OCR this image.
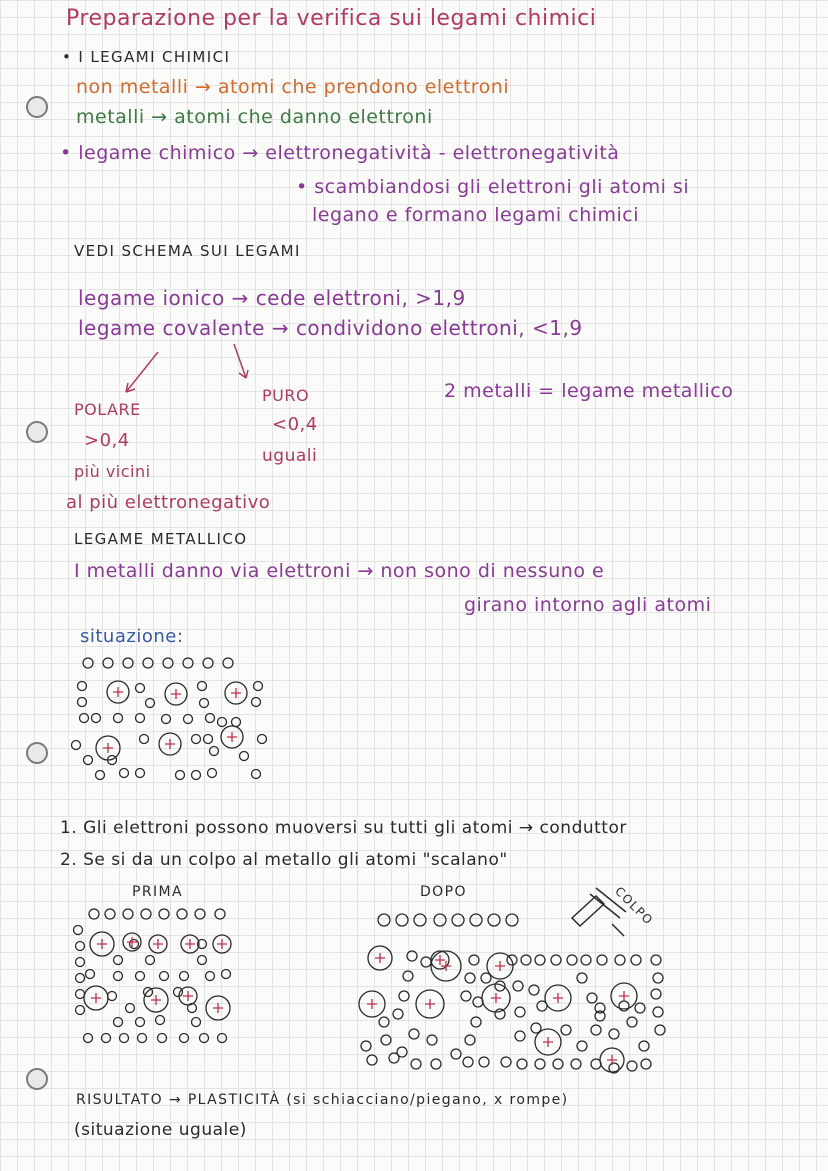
Preparazione per la verifica sui legami chimici
• I LEGAMI CHIMICI
non metalli → atomi che prendono elettroni
metalli → atomi che danno elettroni
• legame chimico → elettronegatività - elettronegatività
• scambiandosi gli elettroni gli atomi si
legano e formano legami chimici
VEDI SCHEMA SUI LEGAMI
legame ionico → cede elettroni, >1,9
legame covalente → condividono elettroni, <1,9
POLARE
>0,4
più vicini
al più elettronegativo
PURO
<0,4
uguali
2 metalli = legame metallico
LEGAME METALLICO
I metalli danno via elettroni → non sono di nessuno e
girano intorno agli atomi
situazione:
1. Gli elettroni possono muoversi su tutti gli atomi → conduttor
2. Se si da un colpo al metallo gli atomi "scalano"
PRIMA	DOPO	COLPO
RISULTATO → PLASTICITÀ (si schiacciano/piegano, x rompe)
(situazione uguale)
